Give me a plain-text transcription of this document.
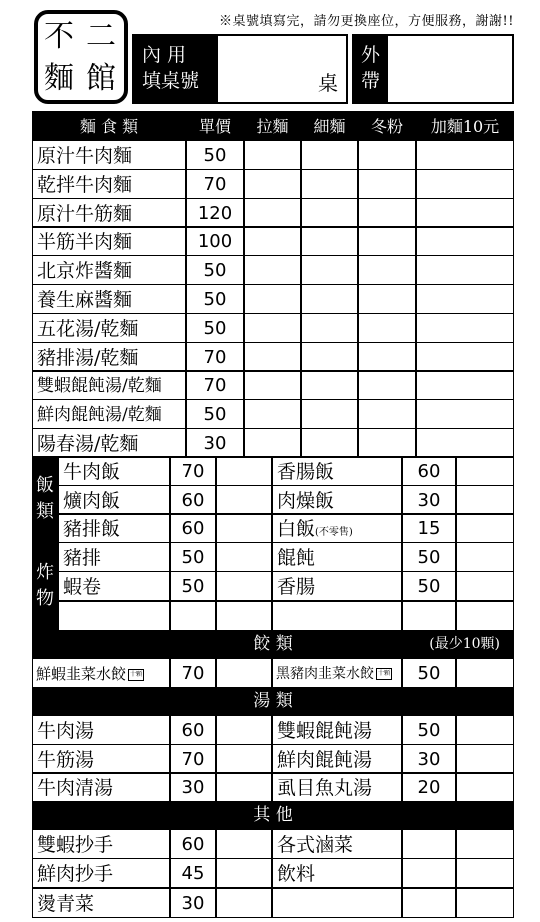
不 二
麵 館
※桌號填寫完，請勿更換座位，方便服務，謝謝!!
內 用
填桌號	桌
外
帶
麵 食 類	單價	拉麵	細麵	冬粉	加麵10元
原汁牛肉麵	50
乾拌牛肉麵	70
原汁牛筋麵	120
半筋半肉麵	100
北京炸醬麵	50
養生麻醬麵	50
五花湯/乾麵	50
豬排湯/乾麵	70
雙蝦餛飩湯/乾麵	70
鮮肉餛飩湯/乾麵	50
陽春湯/乾麵	30
飯
類
牛肉飯	70	香腸飯	60
爌肉飯	60	肉燥飯	30
豬排飯	60	白飯(不零售)	15
炸
物
豬排	50	餛飩	50
蝦卷	50	香腸	50
餃 類	(最少10顆)
鮮蝦韭菜水餃 十顆	70	黑豬肉韭菜水餃 十顆	50
湯 類
牛肉湯	60	雙蝦餛飩湯	50
牛筋湯	70	鮮肉餛飩湯	30
牛肉清湯	30	虱目魚丸湯	20
其 他
雙蝦抄手	60	各式滷菜
鮮肉抄手	45	飲料
燙青菜	30
